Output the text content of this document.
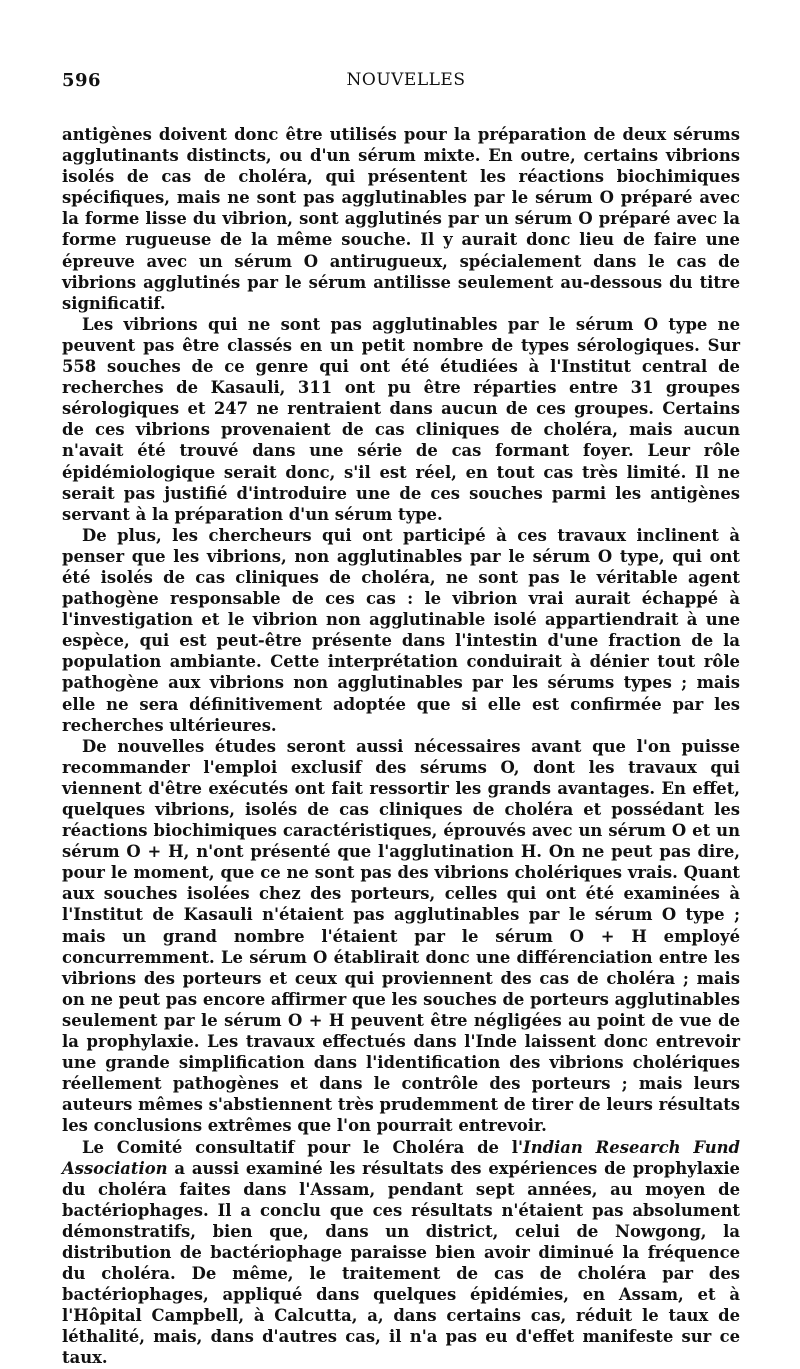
596	NOUVELLES

antigènes doivent donc être utilisés pour la préparation de deux sérums agglutinants distincts, ou d'un sérum mixte. En outre, certains vibrions isolés de cas de choléra, qui présentent les réactions biochimiques spécifiques, mais ne sont pas agglutinables par le sérum O préparé avec la forme lisse du vibrion, sont agglutinés par un sérum O préparé avec la forme rugueuse de la même souche. Il y aurait donc lieu de faire une épreuve avec un sérum O antirugueux, spécialement dans le cas de vibrions agglutinés par le sérum antilisse seulement au-dessous du titre significatif.

Les vibrions qui ne sont pas agglutinables par le sérum O type ne peuvent pas être classés en un petit nombre de types sérologiques. Sur 558 souches de ce genre qui ont été étudiées à l'Institut central de recherches de Kasauli, 311 ont pu être réparties entre 31 groupes sérologiques et 247 ne rentraient dans aucun de ces groupes. Certains de ces vibrions provenaient de cas cliniques de choléra, mais aucun n'avait été trouvé dans une série de cas formant foyer. Leur rôle épidémiologique serait donc, s'il est réel, en tout cas très limité. Il ne serait pas justifié d'introduire une de ces souches parmi les antigènes servant à la préparation d'un sérum type.

De plus, les chercheurs qui ont participé à ces travaux inclinent à penser que les vibrions, non agglutinables par le sérum O type, qui ont été isolés de cas cliniques de choléra, ne sont pas le véritable agent pathogène responsable de ces cas : le vibrion vrai aurait échappé à l'investigation et le vibrion non agglutinable isolé appartiendrait à une espèce, qui est peut-être présente dans l'intestin d'une fraction de la population ambiante. Cette interprétation conduirait à dénier tout rôle pathogène aux vibrions non agglutinables par les sérums types ; mais elle ne sera définitivement adoptée que si elle est confirmée par les recherches ultérieures.

De nouvelles études seront aussi nécessaires avant que l'on puisse recommander l'emploi exclusif des sérums O, dont les travaux qui viennent d'être exécutés ont fait ressortir les grands avantages. En effet, quelques vibrions, isolés de cas cliniques de choléra et possédant les réactions biochimiques caractéristiques, éprouvés avec un sérum O et un sérum O + H, n'ont présenté que l'agglutination H. On ne peut pas dire, pour le moment, que ce ne sont pas des vibrions cholériques vrais. Quant aux souches isolées chez des porteurs, celles qui ont été examinées à l'Institut de Kasauli n'étaient pas agglutinables par le sérum O type ; mais un grand nombre l'étaient par le sérum O + H employé concurremment. Le sérum O établirait donc une différenciation entre les vibrions des porteurs et ceux qui proviennent des cas de choléra ; mais on ne peut pas encore affirmer que les souches de porteurs agglutinables seulement par le sérum O + H peuvent être négligées au point de vue de la prophylaxie. Les travaux effectués dans l'Inde laissent donc entrevoir une grande simplification dans l'identification des vibrions cholériques réellement pathogènes et dans le contrôle des porteurs ; mais leurs auteurs mêmes s'abstiennent très prudemment de tirer de leurs résultats les conclusions extrêmes que l'on pourrait entrevoir.

Le Comité consultatif pour le Choléra de l'Indian Research Fund Association a aussi examiné les résultats des expériences de prophylaxie du choléra faites dans l'Assam, pendant sept années, au moyen de bactériophages. Il a conclu que ces résultats n'étaient pas absolument démonstratifs, bien que, dans un district, celui de Nowgong, la distribution de bactériophage paraisse bien avoir diminué la fréquence du choléra. De même, le traitement de cas de choléra par des bactériophages, appliqué dans quelques épidémies, en Assam, et à l'Hôpital Campbell, à Calcutta, a, dans certains cas, réduit le taux de léthalité, mais, dans d'autres cas, il n'a pas eu d'effet manifeste sur ce taux.
